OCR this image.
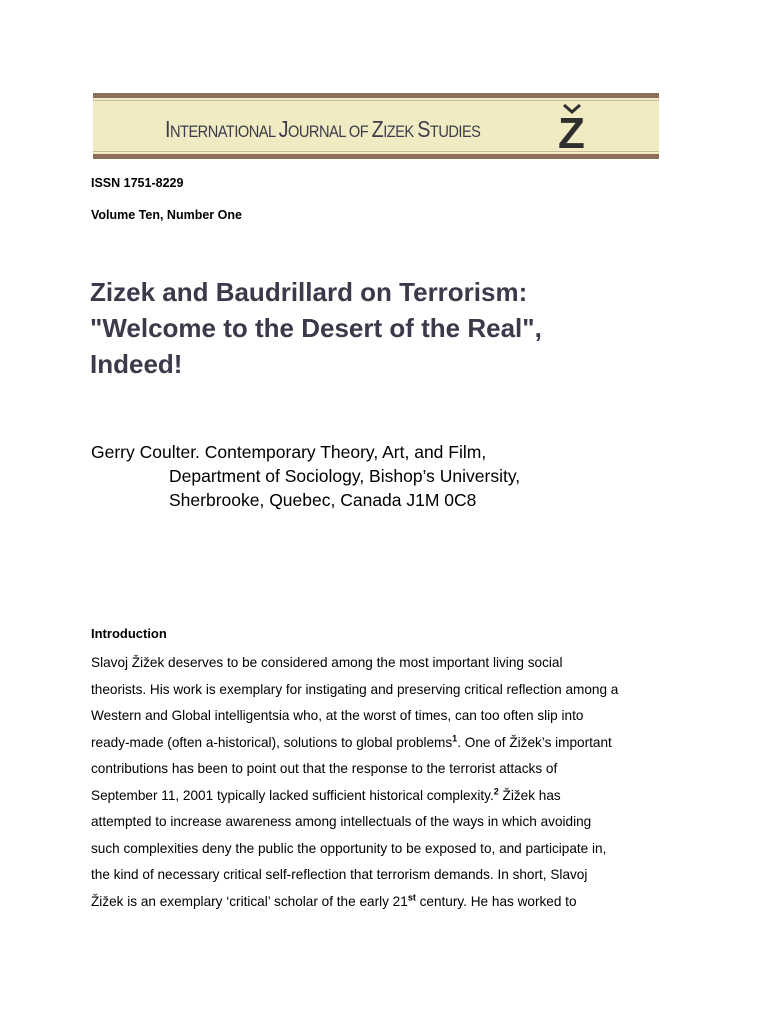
INTERNATIONAL JOURNAL OF ZIZEK STUDIES Z
ISSN 1751-8229
Volume Ten, Number One
Zizek and Baudrillard on Terrorism:
"Welcome to the Desert of the Real",
Indeed!
Gerry Coulter. Contemporary Theory, Art, and Film,
Department of Sociology, Bishop’s University,
Sherbrooke, Quebec, Canada J1M 0C8
Introduction
Slavoj Žižek deserves to be considered among the most important living social
theorists. His work is exemplary for instigating and preserving critical reflection among a
Western and Global intelligentsia who, at the worst of times, can too often slip into
ready-made (often a-historical), solutions to global problems$^1$. One of Žižek’s important
contributions has been to point out that the response to the terrorist attacks of
September 11, 2001 typically lacked sufficient historical complexity.$^2$ Žižek has
attempted to increase awareness among intellectuals of the ways in which avoiding
such complexities deny the public the opportunity to be exposed to, and participate in,
the kind of necessary critical self-reflection that terrorism demands. In short, Slavoj
Žižek is an exemplary ‘critical’ scholar of the early 21st century. He has worked to
